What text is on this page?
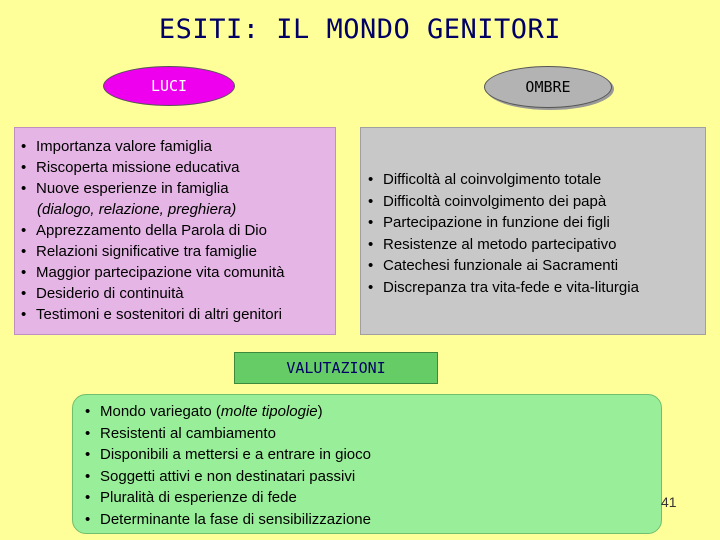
ESITI: IL MONDO GENITORI
LUCI	OMBRE
• Importanza valore famiglia
• Riscoperta missione educativa
• Nuove esperienze in famiglia
(dialogo, relazione, preghiera)
• Apprezzamento della Parola di Dio
• Relazioni significative tra famiglie
• Maggior partecipazione vita comunità
• Desiderio di continuità
• Testimoni e sostenitori di altri genitori
• Difficoltà al coinvolgimento totale
• Difficoltà coinvolgimento dei papà
• Partecipazione in funzione dei figli
• Resistenze al metodo partecipativo
• Catechesi funzionale ai Sacramenti
• Discrepanza tra vita-fede e vita-liturgia
VALUTAZIONI
• Mondo variegato (molte tipologie)
• Resistenti al cambiamento
• Disponibili a mettersi e a entrare in gioco
• Soggetti attivi e non destinatari passivi
• Pluralità di esperienze di fede
• Determinante la fase di sensibilizzazione
41
